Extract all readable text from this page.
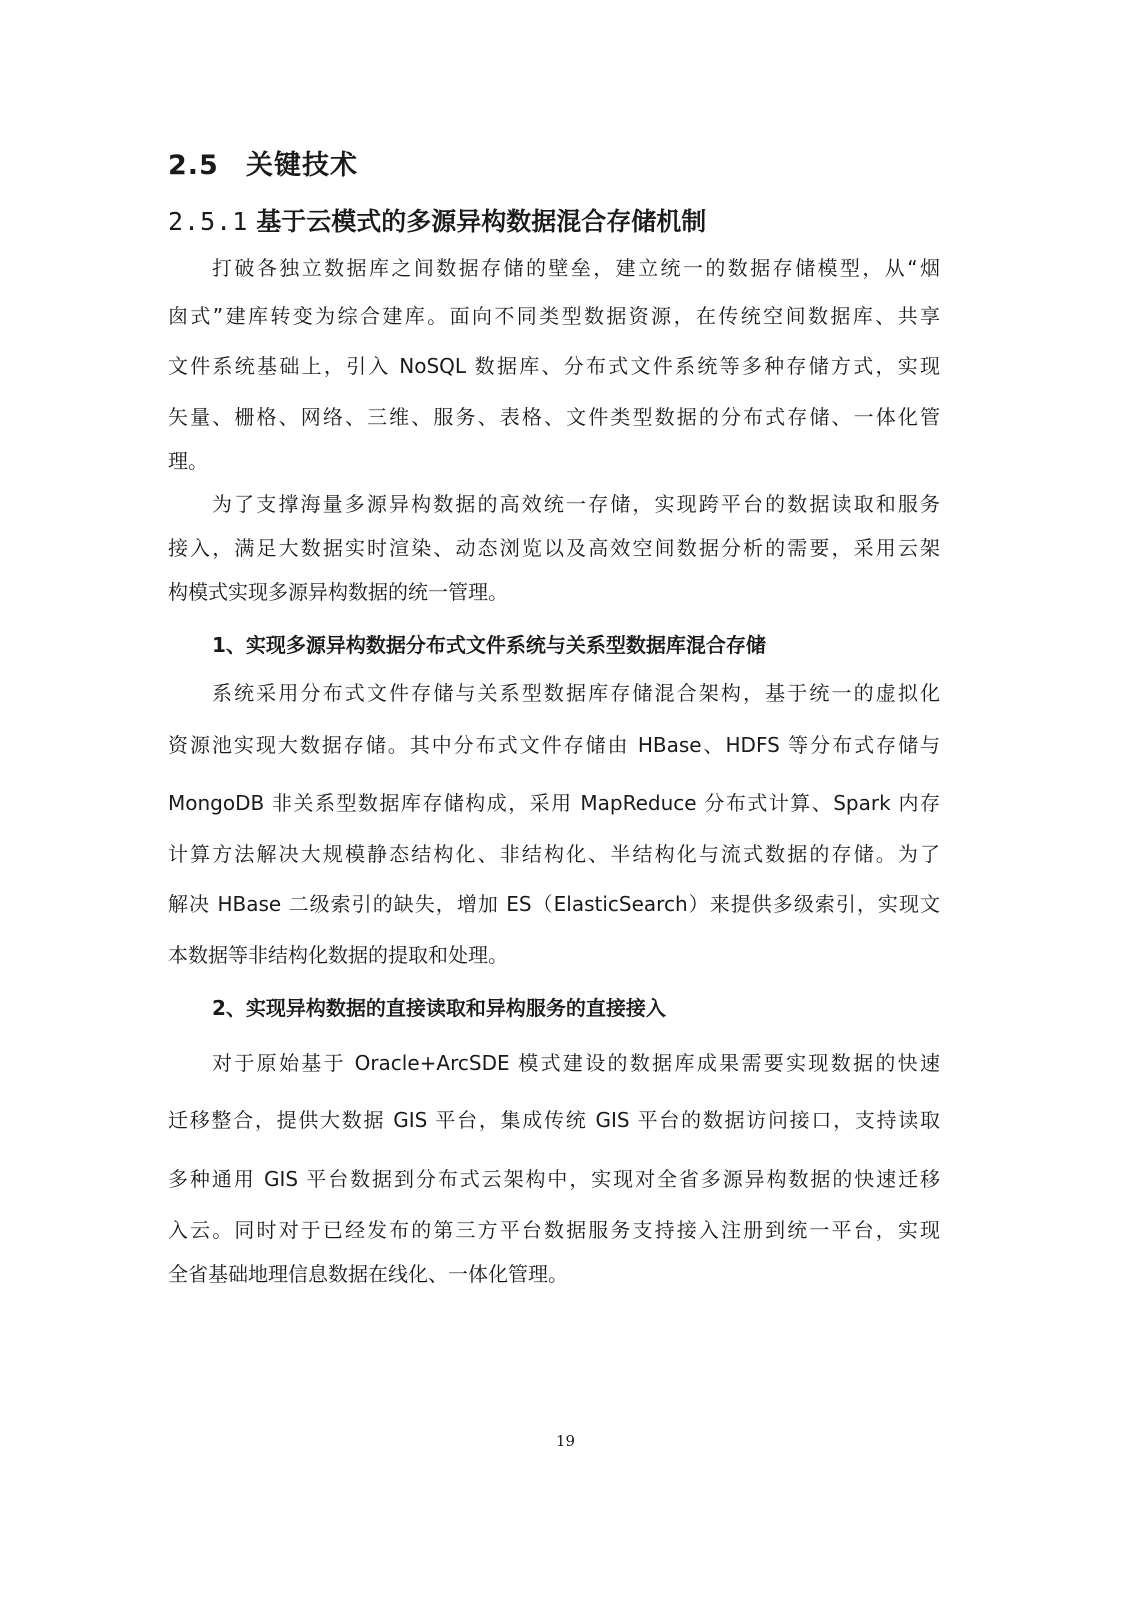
2.5 关键技术
2.5.1 基于云模式的多源异构数据混合存储机制
打破各独立数据库之间数据存储的壁垒，建立统一的数据存储模型，从“烟
囱式”建库转变为综合建库。面向不同类型数据资源，在传统空间数据库、共享
文件系统基础上，引入 NoSQL 数据库、分布式文件系统等多种存储方式，实现
矢量、栅格、网络、三维、服务、表格、文件类型数据的分布式存储、一体化管
理。
为了支撑海量多源异构数据的高效统一存储，实现跨平台的数据读取和服务
接入，满足大数据实时渲染、动态浏览以及高效空间数据分析的需要，采用云架
构模式实现多源异构数据的统一管理。
1、实现多源异构数据分布式文件系统与关系型数据库混合存储
系统采用分布式文件存储与关系型数据库存储混合架构，基于统一的虚拟化
资源池实现大数据存储。其中分布式文件存储由 HBase、HDFS 等分布式存储与
MongoDB 非关系型数据库存储构成，采用 MapReduce 分布式计算、Spark 内存
计算方法解决大规模静态结构化、非结构化、半结构化与流式数据的存储。为了
解决 HBase 二级索引的缺失，增加 ES（ElasticSearch）来提供多级索引，实现文
本数据等非结构化数据的提取和处理。
2、实现异构数据的直接读取和异构服务的直接接入
对于原始基于 Oracle+ArcSDE 模式建设的数据库成果需要实现数据的快速
迁移整合，提供大数据 GIS 平台，集成传统 GIS 平台的数据访问接口，支持读取
多种通用 GIS 平台数据到分布式云架构中，实现对全省多源异构数据的快速迁移
入云。同时对于已经发布的第三方平台数据服务支持接入注册到统一平台，实现
全省基础地理信息数据在线化、一体化管理。
19
